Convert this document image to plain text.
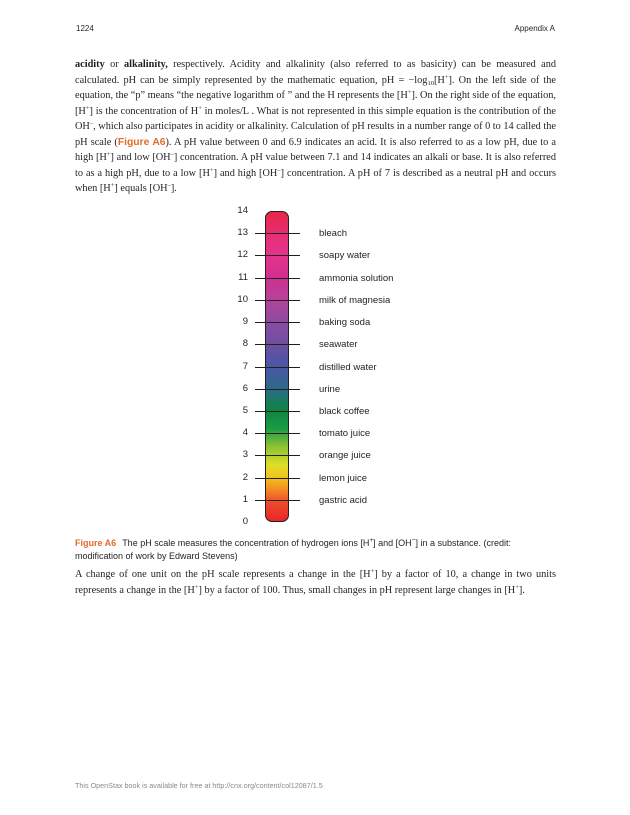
1224	Appendix A

acidity or alkalinity, respectively. Acidity and alkalinity (also referred to as basicity) can be measured and calculated. pH can be simply represented by the mathematic equation, pH = $-\log_{10}[H^+]$. On the left side of the equation, the “p” means “the negative logarithm of ” and the H represents the [H+]. On the right side of the equation, [H+] is the concentration of H+ in moles/L . What is not represented in this simple equation is the contribution of the OH–, which also participates in acidity or alkalinity. Calculation of pH results in a number range of 0 to 14 called the pH scale (Figure A6). A pH value between 0 and 6.9 indicates an acid. It is also referred to as a low pH, due to a high [H+] and low [OH–] concentration. A pH value between 7.1 and 14 indicates an alkali or base. It is also referred to as a high pH, due to a low [H+] and high [OH–] concentration. A pH of 7 is described as a neutral pH and occurs when [H+] equals [OH–].

14
13
12
11
10
9
8
7
6
5
4
3
2
1
0
bleach
soapy water
ammonia solution
milk of magnesia
baking soda
seawater
distilled water
urine
black coffee
tomato juice
orange juice
lemon juice
gastric acid

Figure A6 The pH scale measures the concentration of hydrogen ions [H+] and [OH−] in a substance. (credit: modification of work by Edward Stevens)

A change of one unit on the pH scale represents a change in the [H+] by a factor of 10, a change in two units represents a change in the [H+] by a factor of 100. Thus, small changes in pH represent large changes in [H+].

This OpenStax book is available for free at http://cnx.org/content/col12087/1.5
